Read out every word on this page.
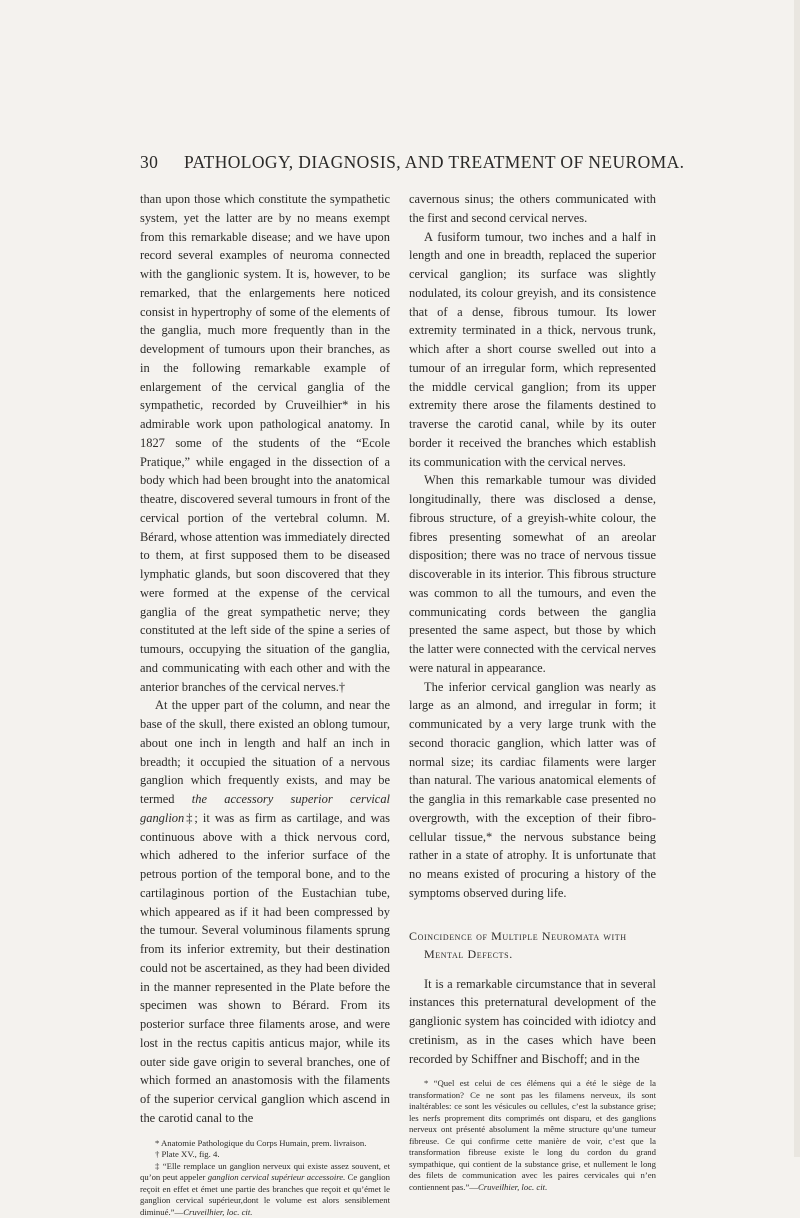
30 PATHOLOGY, DIAGNOSIS, AND TREATMENT OF NEUROMA.

than upon those which constitute the sympathetic system, yet the latter are by no means exempt from this remarkable disease; and we have upon record several examples of neuroma connected with the ganglionic system. It is, however, to be remarked, that the enlargements here noticed consist in hypertrophy of some of the elements of the ganglia, much more frequently than in the development of tumours upon their branches, as in the following remarkable example of enlargement of the cervical ganglia of the sympathetic, recorded by Cruveilhier* in his admirable work upon pathological anatomy. In 1827 some of the students of the “Ecole Pratique,” while engaged in the dissection of a body which had been brought into the anatomical theatre, discovered several tumours in front of the cervical portion of the vertebral column. M. Bérard, whose attention was immediately directed to them, at first supposed them to be diseased lymphatic glands, but soon discovered that they were formed at the expense of the cervical ganglia of the great sympathetic nerve; they constituted at the left side of the spine a series of tumours, occupying the situation of the ganglia, and communicating with each other and with the anterior branches of the cervical nerves.†

At the upper part of the column, and near the base of the skull, there existed an oblong tumour, about one inch in length and half an inch in breadth; it occupied the situation of a nervous ganglion which frequently exists, and may be termed the accessory superior cervical ganglion‡; it was as firm as cartilage, and was continuous above with a thick nervous cord, which adhered to the inferior surface of the petrous portion of the temporal bone, and to the cartilaginous portion of the Eustachian tube, which appeared as if it had been compressed by the tumour. Several voluminous filaments sprung from its inferior extremity, but their destination could not be ascertained, as they had been divided in the manner represented in the Plate before the specimen was shown to Bérard. From its posterior surface three filaments arose, and were lost in the rectus capitis anticus major, while its outer side gave origin to several branches, one of which formed an anastomosis with the filaments of the superior cervical ganglion which ascend in the carotid canal to the

* Anatomie Pathologique du Corps Humain, prem. livraison.

† Plate XV., fig. 4.

‡ “Elle remplace un ganglion nerveux qui existe assez souvent, et qu’on peut appeler ganglion cervical supérieur accessoire. Ce ganglion reçoit en effet et émet une partie des branches que reçoit et qu’émet le ganglion cervical supérieur,dont le volume est alors sensiblement diminué.”—Cruveilhier, loc. cit.

cavernous sinus; the others communicated with the first and second cervical nerves.

A fusiform tumour, two inches and a half in length and one in breadth, replaced the superior cervical ganglion; its surface was slightly nodulated, its colour greyish, and its consistence that of a dense, fibrous tumour. Its lower extremity terminated in a thick, nervous trunk, which after a short course swelled out into a tumour of an irregular form, which represented the middle cervical ganglion; from its upper extremity there arose the filaments destined to traverse the carotid canal, while by its outer border it received the branches which establish its communication with the cervical nerves.

When this remarkable tumour was divided longitudinally, there was disclosed a dense, fibrous structure, of a greyish-white colour, the fibres presenting somewhat of an areolar disposition; there was no trace of nervous tissue discoverable in its interior. This fibrous structure was common to all the tumours, and even the communicating cords between the ganglia presented the same aspect, but those by which the latter were connected with the cervical nerves were natural in appearance.

The inferior cervical ganglion was nearly as large as an almond, and irregular in form; it communicated by a very large trunk with the second thoracic ganglion, which latter was of normal size; its cardiac filaments were larger than natural. The various anatomical elements of the ganglia in this remarkable case presented no overgrowth, with the exception of their fibro-cellular tissue,* the nervous substance being rather in a state of atrophy. It is unfortunate that no means existed of procuring a history of the symptoms observed during life.

Coincidence of Multiple Neuromata with
Mental Defects.

It is a remarkable circumstance that in several instances this preternatural development of the ganglionic system has coincided with idiotcy and cretinism, as in the cases which have been recorded by Schiffner and Bischoff; and in the

* “Quel est celui de ces élémens qui a été le siège de la transformation? Ce ne sont pas les filamens nerveux, ils sont inaltérables: ce sont les vésicules ou cellules, c’est la substance grise; les nerfs proprement dits comprimés ont disparu, et des ganglions nerveux ont présenté absolument la même structure qu’une tumeur fibreuse. Ce qui confirme cette manière de voir, c’est que la transformation fibreuse existe le long du cordon du grand sympathique, qui contient de la substance grise, et nullement le long des filets de communication avec les paires cervicales qui n’en contiennent pas.”—Cruveilhier, loc. cit.
